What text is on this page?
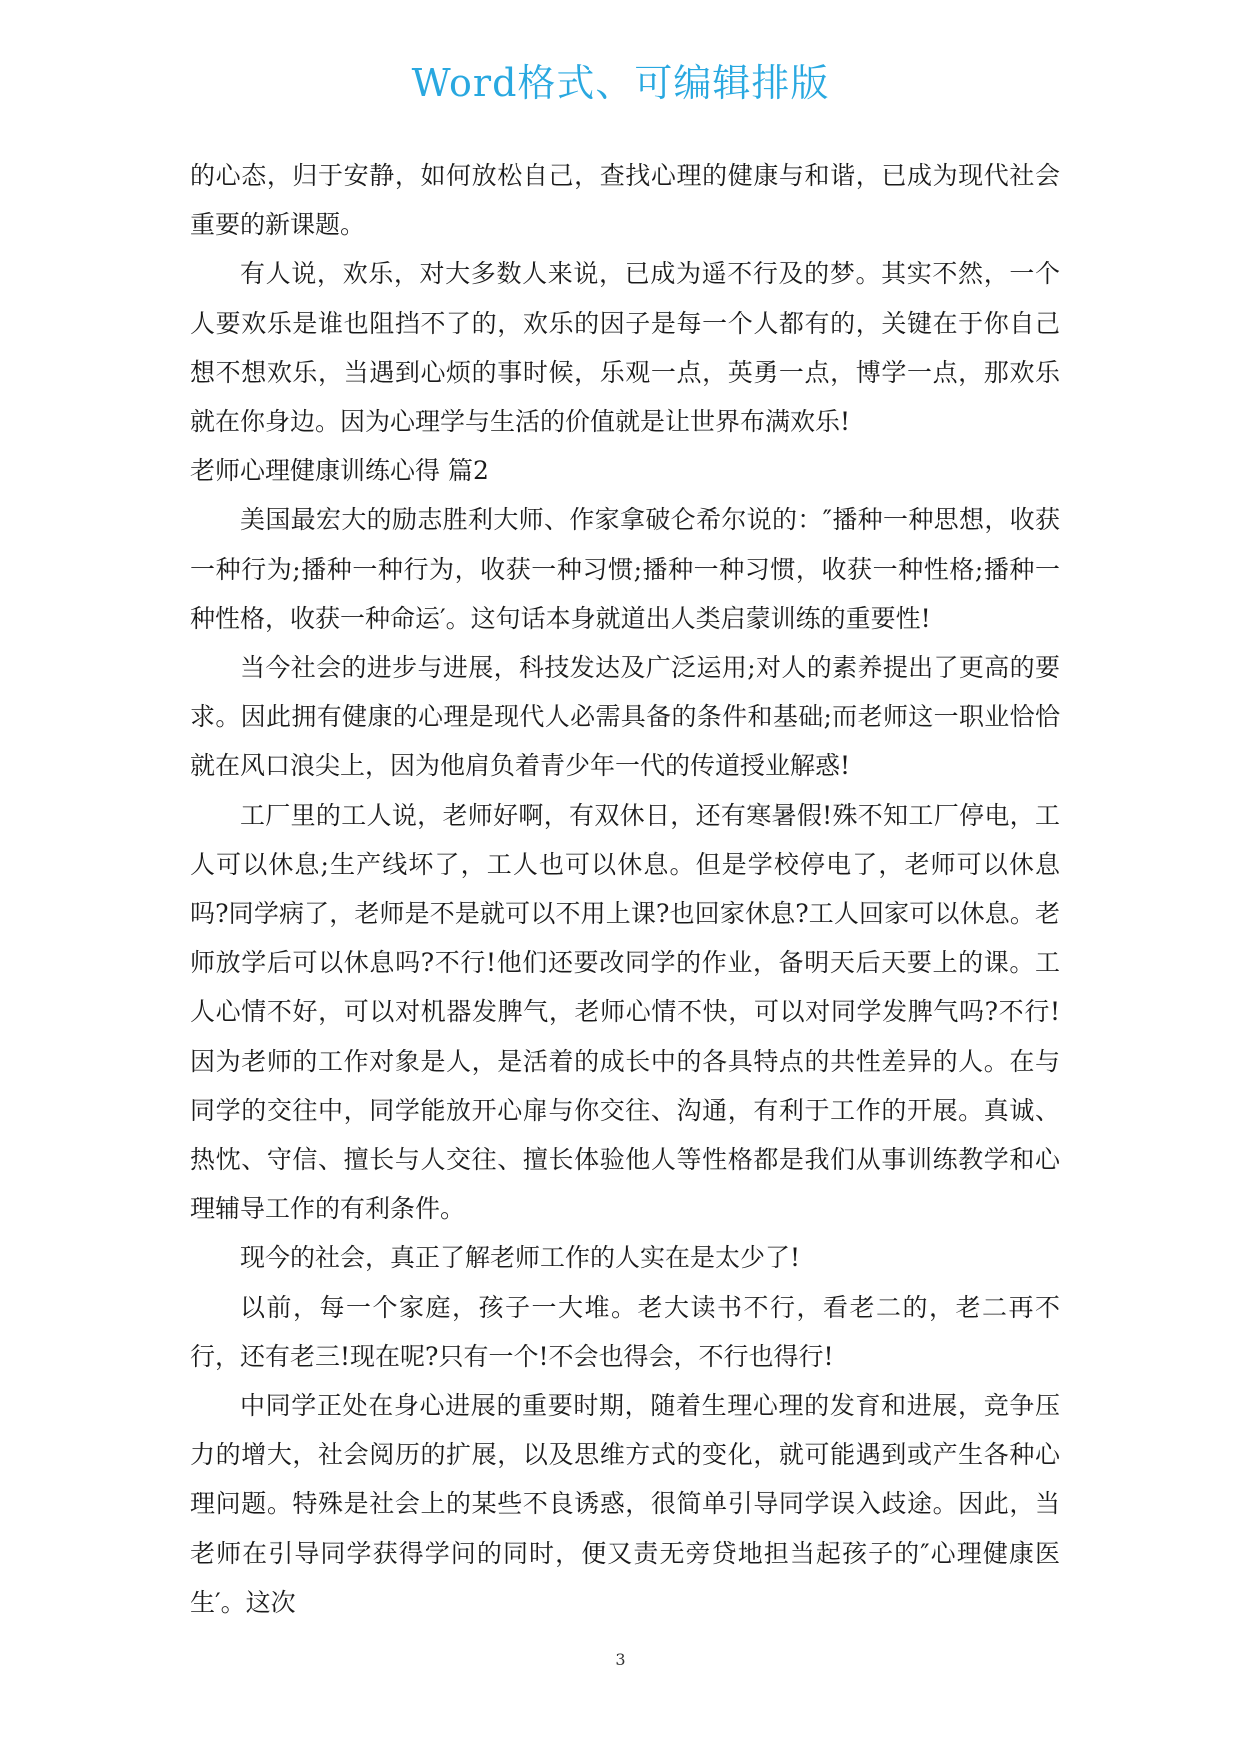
Word格式、可编辑排版

的心态，归于安静，如何放松自己，查找心理的健康与和谐，已成为现代社会重要的新课题。

有人说，欢乐，对大多数人来说，已成为遥不行及的梦。其实不然，一个人要欢乐是谁也阻挡不了的，欢乐的因子是每一个人都有的，关键在于你自己想不想欢乐，当遇到心烦的事时候，乐观一点，英勇一点，博学一点，那欢乐就在你身边。因为心理学与生活的价值就是让世界布满欢乐!

老师心理健康训练心得 篇2

美国最宏大的励志胜利大师、作家拿破仑希尔说的：″播种一种思想，收获一种行为;播种一种行为，收获一种习惯;播种一种习惯，收获一种性格;播种一种性格，收获一种命运′。这句话本身就道出人类启蒙训练的重要性!

当今社会的进步与进展，科技发达及广泛运用;对人的素养提出了更高的要求。因此拥有健康的心理是现代人必需具备的条件和基础;而老师这一职业恰恰就在风口浪尖上，因为他肩负着青少年一代的传道授业解惑!

工厂里的工人说，老师好啊，有双休日，还有寒暑假!殊不知工厂停电，工人可以休息;生产线坏了，工人也可以休息。但是学校停电了，老师可以休息吗?同学病了，老师是不是就可以不用上课?也回家休息?工人回家可以休息。老师放学后可以休息吗?不行!他们还要改同学的作业，备明天后天要上的课。工人心情不好，可以对机器发脾气，老师心情不快，可以对同学发脾气吗?不行!因为老师的工作对象是人，是活着的成长中的各具特点的共性差异的人。在与同学的交往中，同学能放开心扉与你交往、沟通，有利于工作的开展。真诚、热忱、守信、擅长与人交往、擅长体验他人等性格都是我们从事训练教学和心理辅导工作的有利条件。

现今的社会，真正了解老师工作的人实在是太少了!

以前，每一个家庭，孩子一大堆。老大读书不行，看老二的，老二再不行，还有老三!现在呢?只有一个!不会也得会，不行也得行!

中同学正处在身心进展的重要时期，随着生理心理的发育和进展，竞争压力的增大，社会阅历的扩展，以及思维方式的变化，就可能遇到或产生各种心理问题。特殊是社会上的某些不良诱惑，很简单引导同学误入歧途。因此，当老师在引导同学获得学问的同时，便又责无旁贷地担当起孩子的″心理健康医生′。这次

3
